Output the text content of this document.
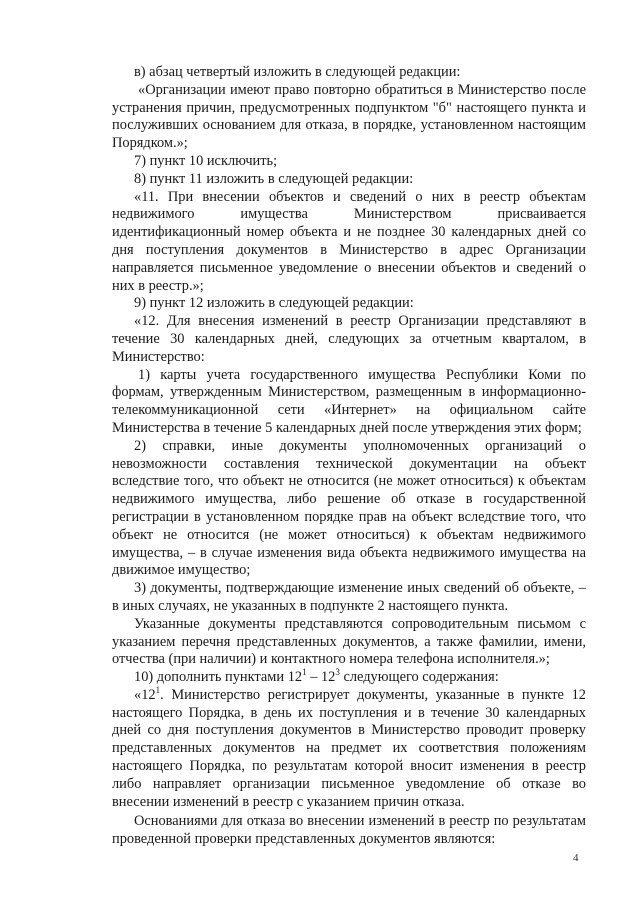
в) абзац четвертый изложить в следующей редакции:

«Организации имеют право повторно обратиться в Министерство после устранения причин, предусмотренных подпунктом "б" настоящего пункта и послуживших основанием для отказа, в порядке, установленном настоящим Порядком.»;

7) пункт 10 исключить;

8) пункт 11 изложить в следующей редакции:

«11. При внесении объектов и сведений о них в реестр объектам недвижимого имущества Министерством присваивается идентификационный номер объекта и не позднее 30 календарных дней со дня поступления документов в Министерство в адрес Организации направляется письменное уведомление о внесении объектов и сведений о них в реестр.»;

9) пункт 12 изложить в следующей редакции:

«12. Для внесения изменений в реестр Организации представляют в течение 30 календарных дней, следующих за отчетным кварталом, в Министерство:

1) карты учета государственного имущества Республики Коми по формам, утвержденным Министерством, размещенным в информационно-телекоммуникационной сети «Интернет» на официальном сайте Министерства в течение 5 календарных дней после утверждения этих форм;

2) справки, иные документы уполномоченных организаций о невозможности составления технической документации на объект вследствие того, что объект не относится (не может относиться) к объектам недвижимого имущества, либо решение об отказе в государственной регистрации в установленном порядке прав на объект вследствие того, что объект не относится (не может относиться) к объектам недвижимого имущества, – в случае изменения вида объекта недвижимого имущества на движимое имущество;

3) документы, подтверждающие изменение иных сведений об объекте, – в иных случаях, не указанных в подпункте 2 настоящего пункта.

Указанные документы представляются сопроводительным письмом с указанием перечня представленных документов, а также фамилии, имени, отчества (при наличии) и контактного номера телефона исполнителя.»;

10) дополнить пунктами $12^1 - 12^3$ следующего содержания:

«$12^1$. Министерство регистрирует документы, указанные в пункте 12 настоящего Порядка, в день их поступления и в течение 30 календарных дней со дня поступления документов в Министерство проводит проверку представленных документов на предмет их соответствия положениям настоящего Порядка, по результатам которой вносит изменения в реестр либо направляет организации письменное уведомление об отказе во внесении изменений в реестр с указанием причин отказа.

Основаниями для отказа во внесении изменений в реестр по результатам проведенной проверки представленных документов являются:

4
